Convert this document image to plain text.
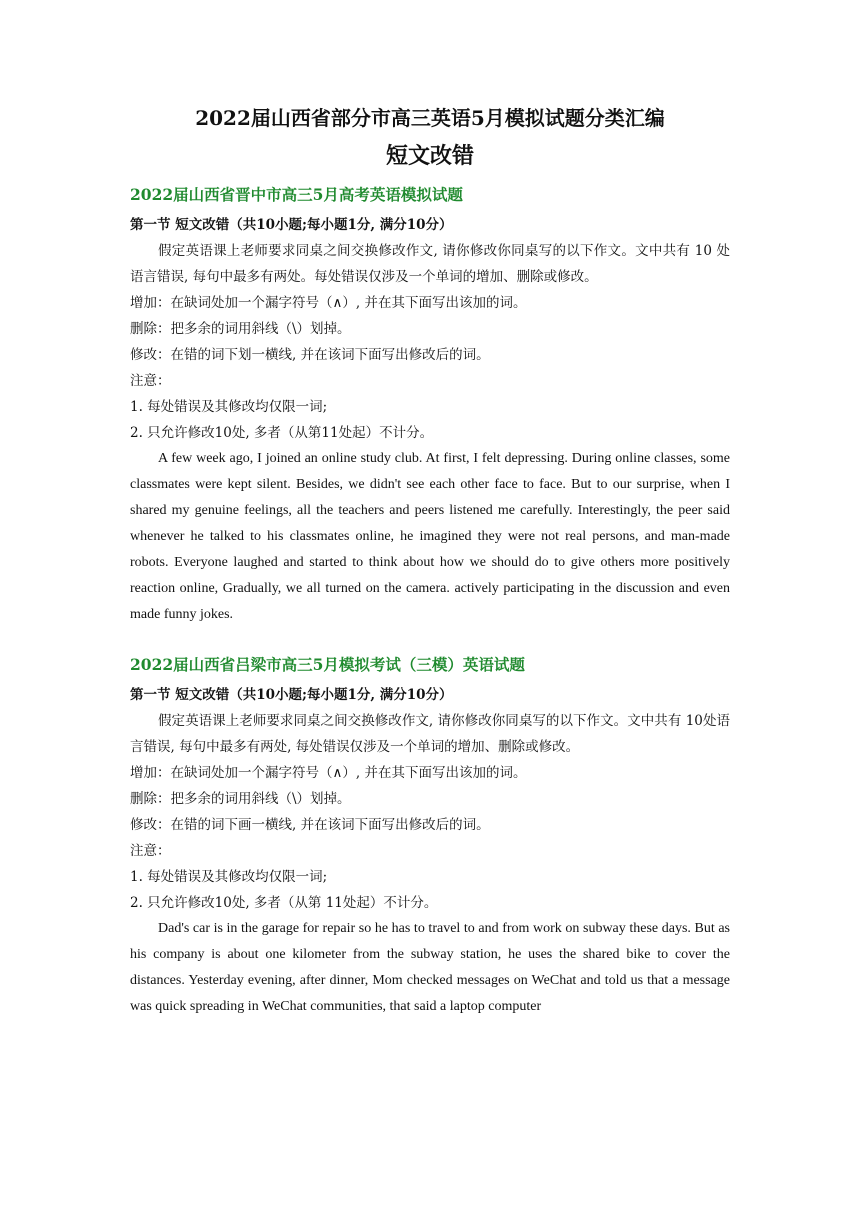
2022届山西省部分市高三英语5月模拟试题分类汇编
短文改错
2022届山西省晋中市高三5月高考英语模拟试题

第一节 短文改错（共10小题;每小题1分, 满分10分）

假定英语课上老师要求同桌之间交换修改作文, 请你修改你同桌写的以下作文。文中共有 10 处语言错误, 每句中最多有两处。每处错误仅涉及一个单词的增加、删除或修改。

增加：在缺词处加一个漏字符号（∧）, 并在其下面写出该加的词。

删除：把多余的词用斜线（\）划掉。

修改：在错的词下划一横线, 并在该词下面写出修改后的词。

注意：

1. 每处错误及其修改均仅限一词;

2. 只允许修改10处, 多者（从第11处起）不计分。

A few week ago, I joined an online study club. At first, I felt depressing. During online classes, some classmates were kept silent. Besides, we didn't see each other face to face. But to our surprise, when I shared my genuine feelings, all the teachers and peers listened me carefully. Interestingly, the peer said whenever he talked to his classmates online, he imagined they were not real persons, and man-made robots. Everyone laughed and started to think about how we should do to give others more positively reaction online, Gradually, we all turned on the camera. actively participating in the discussion and even made funny jokes.

2022届山西省吕梁市高三5月模拟考试（三模）英语试题

第一节 短文改错（共10小题;每小题1分, 满分10分）

假定英语课上老师要求同桌之间交换修改作文, 请你修改你同桌写的以下作文。文中共有 10处语言错误, 每句中最多有两处, 每处错误仅涉及一个单词的增加、删除或修改。

增加：在缺词处加一个漏字符号（∧）, 并在其下面写出该加的词。

删除：把多余的词用斜线（\）划掉。

修改：在错的词下画一横线, 并在该词下面写出修改后的词。

注意：

1. 每处错误及其修改均仅限一词;

2. 只允许修改10处, 多者（从第 11处起）不计分。

Dad's car is in the garage for repair so he has to travel to and from work on subway these days. But as his company is about one kilometer from the subway station, he uses the shared bike to cover the distances. Yesterday evening, after dinner, Mom checked messages on WeChat and told us that a message was quick spreading in WeChat communities, that said a laptop computer
